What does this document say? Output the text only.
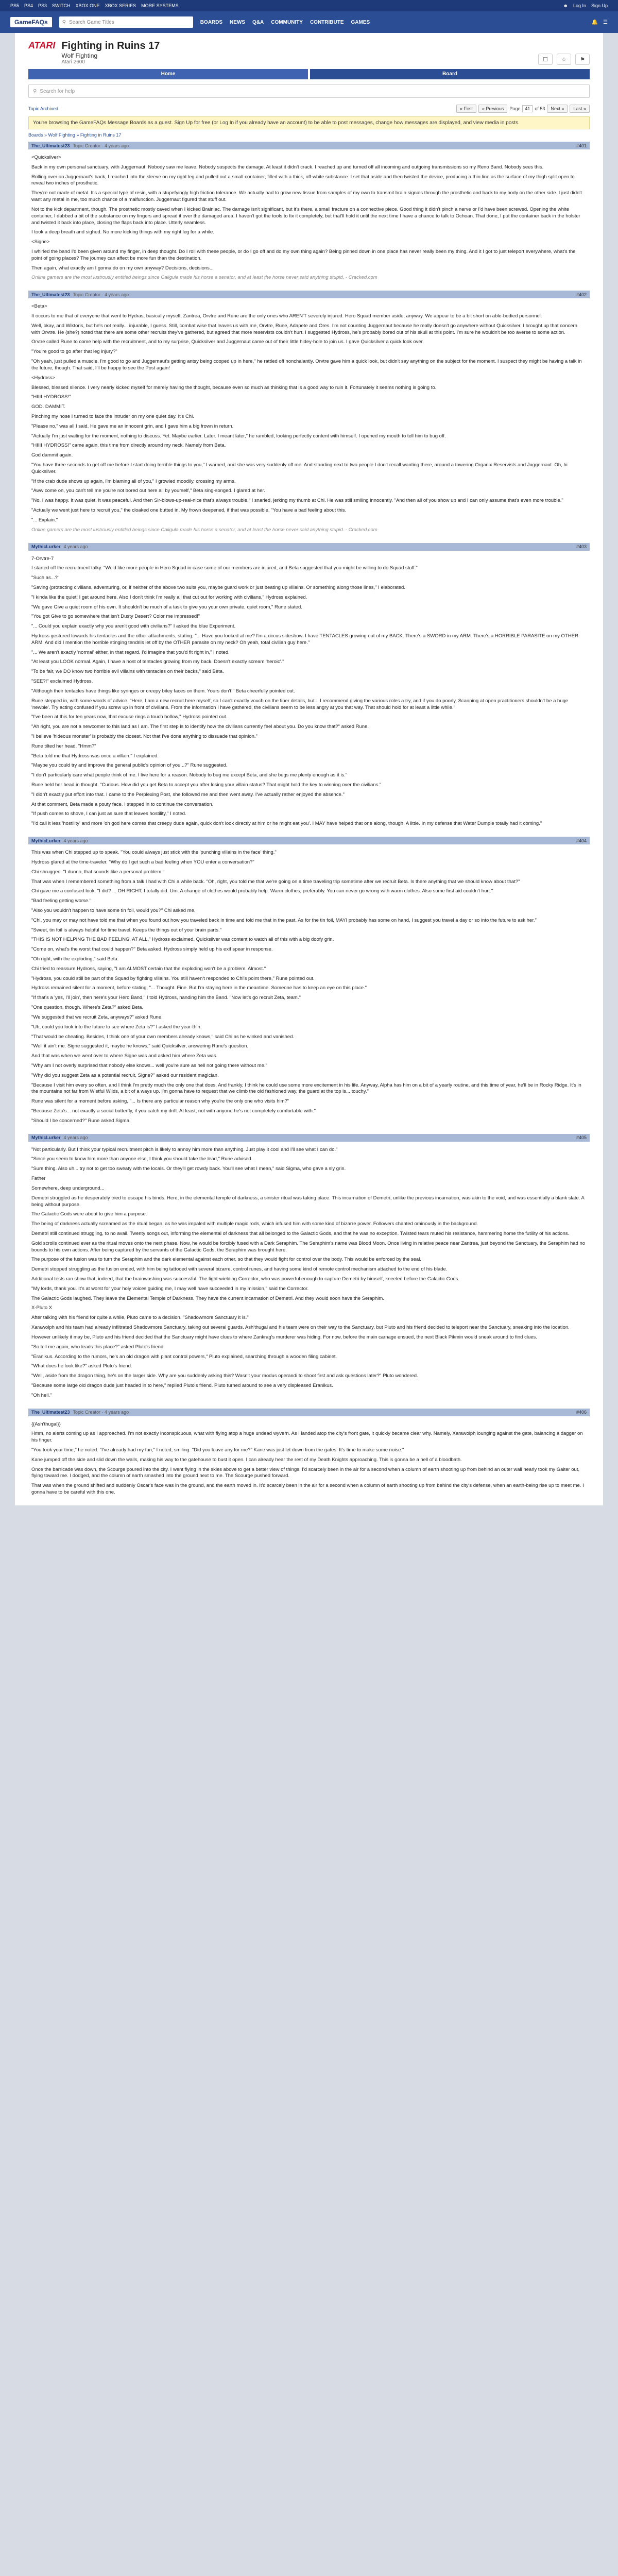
PS5 PS4 PS3 SWITCH XBOX ONE XBOX SERIES MORE SYSTEMS	☻ Log In Sign Up
GameFAQs	⚲ Search Game Titles	BOARDS NEWS Q&A COMMUNITY CONTRIBUTE GAMES	🔔 ☰
ATARI Fighting in Ruins 17
Wolf Fighting
Atari 2600	☐	☆	⚑
Home	Board
⚲ Search for help
Topic Archived	« First	« Previous	Page	41	of 53	Next »	Last »
You're browsing the GameFAQs Message Boards as a guest. Sign Up for free (or Log In if you already have an account) to be able to post messages, change how messages are displayed, and view media in posts.
Boards » Wolf Fighting » Fighting in Ruins 17
The_Ultimatest23 Topic Creator · 4 years ago	#401

<Quicksilver>

Back in my own personal sanctuary, with Juggernaut. Nobody saw me leave. Nobody suspects the damage. At least it didn't crack. I reached up and turned off all incoming and outgoing transmissions so my Reno Band. Nobody sees this.

Rolling over on Juggernaut's back, I reached into the sleeve on my right leg and pulled out a small container, filled with a thick, off-white substance. I set that aside and then twisted the device, producing a thin line as the surface of my thigh split open to reveal two inches of prosthetic.

They're not made of metal. It's a special type of resin, with a stupefyingly high friction tolerance. We actually had to grow new tissue from samples of my own to transmit brain signals through the prosthetic and back to my body on the other side. I just didn't want any metal in me, too much chance of a malfunction. Juggernaut figured that stuff out.

Not to the kick department, though. The prosthetic mostly caved when I kicked Brainiac. The damage isn't significant, but it's there, a small fracture on a connective piece. Good thing it didn't pinch a nerve or I'd have been screwed. Opening the white container, I dabbed a bit of the substance on my fingers and spread it over the damaged area. I haven't got the tools to fix it completely, but that'll hold it until the next time I have a chance to talk to Ochoan. That done, I put the container back in the holster and twisted it back into place, closing the flaps back into place. Utterly seamless.

I took a deep breath and sighed. No more kicking things with my right leg for a while.

<Signe>

I whirled the band I'd been given around my finger, in deep thought. Do I roll with these people, or do I go off and do my own thing again? Being pinned down in one place has never really been my thing. And it I got to just teleport everywhere, what's the point of going places? The journey can affect be more fun than the destination.

Then again, what exactly am I gonna do on my own anyway? Decisions, decisions...

Online gamers are the most lustrously entitled beings since Caligula made his horse a senator, and at least the horse never said anything stupid. - Cracked.com

The_Ultimatest23 Topic Creator · 4 years ago	#402

<Beta>

It occurs to me that of everyone that went to Hydras, basically myself, Zantrea, Orvtre and Rune are the only ones who AREN'T severely injured. Hero Squad member aside, anyway. We appear to be a bit short on able-bodied personnel.

Well, okay, and Wiktoris, but he's not really... injurable, I guess. Still, combat wise that leaves us with me, Orvtre, Rune, Adapete and Ores. I'm not counting Juggernaut because he really doesn't go anywhere without Quicksilver. I brought up that concern with Orvtre. He (she?) noted that there are some other recruits they've gathered, but agreed that more reservists couldn't hurt. I suggested Hydross, he's probably bored out of his skull at this point. I'm sure he wouldn't be too averse to some action.

Orvtre called Rune to come help with the recruitment, and to my surprise, Quicksilver and Juggernaut came out of their little hidey-hole to join us. I gave Quicksilver a quick look over.

"You're good to go after that leg injury?"

"Oh yeah, just pulled a muscle. I'm good to go and Juggernaut's getting antsy being cooped up in here," he rattled off nonchalantly. Orvtre gave him a quick look, but didn't say anything on the subject for the moment. I suspect they might be having a talk in the future, though. That said, I'll be happy to see the Post again!

<Hydross>

Blessed, blessed silence. I very nearly kicked myself for merely having the thought, because even so much as thinking that is a good way to ruin it. Fortunately it seems nothing is going to.

"HIIII HYDROSS!"

GOD. DAMMIT.

Pinching my nose I turned to face the intruder on my one quiet day. It's Chi.

"Please no," was all I said. He gave me an innocent grin, and I gave him a big frown in return.

"Actually I'm just waiting for the moment, nothing to discuss. Yet. Maybe earlier. Later. I meant later," he rambled, looking perfectly content with himself. I opened my mouth to tell him to bug off.

"HIIII HYDROSS!" came again, this time from directly around my neck. Namely from Beta.

God dammit again.

"You have three seconds to get off me before I start doing terrible things to you," I warned, and she was very suddenly off me. And standing next to two people I don't recall wanting there, around a towering Organix Reservists and Juggernaut. Oh, hi Quicksilver.

"If the crab dude shows up again, I'm blaming all of you," I growled moodily, crossing my arms.

"Aww come on, you can't tell me you're not bored out here all by yourself," Beta sing-songed. I glared at her.

"No. I was happy. It was quiet. It was peaceful. And then Sir-blows-up-real-nice that's always trouble," I snarled, jerking my thumb at Chi. He was still smiling innocently. "And then all of you show up and I can only assume that's even more trouble."

"Actually we went just here to recruit you," the cloaked one butted in. My frown deepened, if that was possible. "You have a bad feeling about this.

"... Explain."

Online gamers are the most lustrously entitled beings since Caligula made his horse a senator, and at least the horse never said anything stupid. - Cracked.com

MythicLurker 4 years ago	#403

7-Orvtre-7

I started off the recruitment talky. "We'd like more people in Hero Squad in case some of our members are injured, and Beta suggested that you might be willing to do Squad stuff."

"Such as...?"

"Saving (protecting civilians, adventuring, or, if neither of the above two suits you, maybe guard work or just beating up villains. Or something along those lines," I elaborated.

"I kinda like the quiet! I get around here. Also I don't think I'm really all that cut out for working with civilians," Hydross explained.

"We gave Give a quiet room of his own. It shouldn't be much of a task to give you your own private, quiet room," Rune stated.

"You got Give to go somewhere that isn't Dusty Desert? Color me impressed!"

"... Could you explain exactly why you aren't good with civilians?" I asked the blue Experiment.

Hydross gestured towards his tentacles and the other attachments, stating, "... Have you looked at me? I'm a circus sideshow. I have TENTACLES growing out of my BACK. There's a SWORD in my ARM. There's a HORRIBLE PARASITE on my OTHER ARM. And did I mention the horrible stinging tendrils let off by the OTHER parasite on my neck? Oh yeah, total civilian guy here."

"... We aren't exactly 'normal' either, in that regard. I'd imagine that you'd fit right in," I noted.

"At least you LOOK normal. Again, I have a host of tentacles growing from my back. Doesn't exactly scream 'heroic'."

"To be fair, we DO know two horrible evil villains with tentacles on their backs," said Beta.

"SEE?!" exclaimed Hydross.

"Although their tentacles have things like syringes or creepy bitey faces on them. Yours don't!" Beta cheerfully pointed out.

Rune stepped in, with some words of advice. "Here, I am a new recruit here myself, so I can't exactly vouch on the finer details, but... I recommend giving the various roles a try, and if you do poorly, Scanning at open practitioners shouldn't be a huge 'newbie'. Try acting confused if you screw up in front of civilians. From the information I have gathered, the civilians seem to be less angry at you that way. That should hold for at least a little while."

"I've been at this for ten years now, that excuse rings a touch hollow," Hydross pointed out.

"Ah right, you are not a newcomer to this land as I am. The first step is to identify how the civilians currently feel about you. Do you know that?" asked Rune.

"I believe 'hideous monster' is probably the closest. Not that I've done anything to dissuade that opinion."

Rune tilted her head. "Hmm?"

"Beta told me that Hydross was once a villain." I explained.

"Maybe you could try and improve the general public's opinion of you...?" Rune suggested.

"I don't particularly care what people think of me. I live here for a reason. Nobody to bug me except Beta, and she bugs me plenty enough as it is."

Rune held her bead in thought. "Curious. How did you get Beta to accept you after losing your villain status? That might hold the key to winning over the civilians."

"I didn't exactly put effort into that. I came to the Perplexing Post, she followed me and then went away. I've actually rather enjoyed the absence."

At that comment, Beta made a pouty face. I stepped in to continue the conversation.

"If push comes to shove, I can just as sure that leaves hostility," I noted.

"I'd call it less 'hostility' and more 'oh god here comes that creepy dude again, quick don't look directly at him or he might eat you'. I MAY have helped that one along, though. A little. In my defense that Water Dumple totally had it coming."

MythicLurker 4 years ago	#404

This was when Chi stepped up to speak. "You could always just stick with the 'punching villains in the face' thing."

Hydross glared at the time-traveler. "Why do I get such a bad feeling when YOU enter a conversation?"

Chi shrugged. "I dunno, that sounds like a personal problem."

That was when I remembered something from a talk I had with Chi a while back. "Oh, right, you told me that we're going on a time traveling trip sometime after we recruit Beta. Is there anything that we should know about that?"

Chi gave me a confused look. "I did? ... OH RIGHT, I totally did. Um. A change of clothes would probably help. Warm clothes, preferably. You can never go wrong with warm clothes. Also some first aid couldn't hurt."

"Bad feeling getting worse."

"Also you wouldn't happen to have some tin foil, would you?" Chi asked me.

"Chi, you may or may not have told me that when you found out how you traveled back in time and told me that in the past. As for the tin foil, MAYI probably has some on hand, I suggest you travel a day or so into the future to ask her."

"Sweet, tin foil is always helpful for time travel. Keeps the things out of your brain parts."

"THIS IS NOT HELPING THE BAD FEELING. AT ALL," Hydross exclaimed. Quicksilver was content to watch all of this with a big doofy grin.

"Come on, what's the worst that could happen?" Beta asked. Hydross simply held up his exif spear in response.

"Oh right, with the exploding," said Beta.

Chi tried to reassure Hydross, saying, "I am ALMOST certain that the exploding won't be a problem. Almost."

"Hydross, you could still be part of the Squad by fighting villains. You still haven't responded to Chi's point there," Rune pointed out.

Hydross remained silent for a moment, before stating, "... Thought. Fine. But I'm staying here in the meantime. Someone has to keep an eye on this place."

"If that's a 'yes, I'll join', then here's your Hero Band," I told Hydross, handing him the Band. "Now let's go recruit Zeta, team."

"One question, though. Where's Zeta?" asked Beta.

"We suggested that we recruit Zeta, anyways?" asked Rune.

"Uh, could you look into the future to see where Zeta is?" I asked the year-thin.

"That would be cheating. Besides, I think one of your own members already knows," said Chi as he winked and vanished.

"Well it ain't me. Signe suggested it, maybe he knows," said Quicksilver, answering Rune's question.

And that was when we went over to where Signe was and asked him where Zeta was.

"Why am I not overly surprised that nobody else knows... well you're sure as hell not going there without me."

"Why did you suggest Zeta as a potential recruit, Signe?" asked our resident magician.

"Because I visit him every so often, and I think I'm pretty much the only one that does. And frankly, I think he could use some more excitement in his life. Anyway, Alpha has him on a bit of a yearly routine, and this time of year, he'll be in Rocky Ridge. It's in the mountains not far from Wistful Wilds, a bit of a ways up. I'm gonna have to request that we climb the old fashioned way, the guard at the top is... touchy."

Rune was silent for a moment before asking, "... Is there any particular reason why you're the only one who visits him?"

"Because Zeta's... not exactly a social butterfly, if you catch my drift. At least, not with anyone he's not completely comfortable with."

"Should I be concerned?" Rune asked Sigma.

MythicLurker 4 years ago	#405

"Not particularly. But I think your typical recruitment pitch is likely to annoy him more than anything. Just play it cool and I'll see what I can do."

"Since you seem to know him more than anyone else, I think you should take the lead," Rune advised.

"Sure thing. Also uh... try not to get too sweaty with the locals. Or they'll get rowdy back. You'll see what I mean," said Sigma, who gave a sly grin.

Father

Somewhere, deep underground...

Demetri struggled as he desperately tried to escape his binds. Here, in the elemental temple of darkness, a sinister ritual was taking place. This incarnation of Demetri, unlike the previous incarnation, was akin to the void, and was essentially a blank slate. A being without purpose.

The Galactic Gods were about to give him a purpose.

The being of darkness actually screamed as the ritual began, as he was impaled with multiple magic rods, which infused him with some kind of bizarre power. Followers chanted ominously in the background.

Demetri still continued struggling, to no avail. Twenty songs out, informing the elemental of darkness that all belonged to the Galactic Gods, and that he was no exception. Twisted tears muted his resistance, hammering home the futility of his actions.

Gold scrolls continued ever as the ritual moves onto the next phase. Now, he would be forcibly fused with a Dark Seraphim. The Seraphim's name was Blood Moon. Once living in relative peace near Zantrea, just beyond the Sanctuary, the Seraphim had no bounds to his own actions. After being captured by the servants of the Galactic Gods, the Seraphim was brought here.

The purpose of the fusion was to turn the Seraphim and the dark elemental against each other, so that they would fight for control over the body. This would be enforced by the seal.

Demetri stopped struggling as the fusion ended, with him being tattooed with several bizarre, control runes, and having some kind of remote control mechanism attached to the end of his blade.

Additional tests ran show that, indeed, that the brainwashing was successful. The light-wielding Corrector, who was powerful enough to capture Demetri by himself, kneeled before the Galactic Gods.

"My lords, thank you. It's at worst for your holy voices guiding me, I may well have succeeded in my mission," said the Corrector.

The Galactic Gods laughed. They leave the Elemental Temple of Darkness. They have the current incarnation of Demetri. And they would soon have the Seraphim.

X-Pluto X

After talking with his friend for quite a while, Pluto came to a decision. "Shadowmore Sanctuary it is."

Xarawolph and his team had already infiltrated Shadowmore Sanctuary, taking out several guards. Ash'thugal and his team were on their way to the Sanctuary, but Pluto and his friend decided to teleport near the Sanctuary, sneaking into the location.

However unlikely it may be, Pluto and his friend decided that the Sanctuary might have clues to where Zankrag's murderer was hiding. For now, before the main carnage ensued, the next Black Pikmin would sneak around to find clues.

"So tell me again, who leads this place?" asked Pluto's friend.

"Eranikus. According to the rumors, he's an old dragon with plant control powers," Pluto explained, searching through a wooden filing cabinet.

"What does he look like?" asked Pluto's friend.

"Well, aside from the dragon thing, he's on the larger side. Why are you suddenly asking this? Wasn't your modus operandi to shoot first and ask questions later?" Pluto wondered.

"Because some large old dragon dude just headed in to here," replied Pluto's friend. Pluto turned around to see a very displeased Eranikus.

"Oh hell."

The_Ultimatest23 Topic Creator · 4 years ago	#406

{{Ash'thugal}}

Hmm, no alerts coming up as I approached. I'm not exactly inconspicuous, what with flying atop a huge undead wyvern. As I landed atop the city's front gate, it quickly became clear why. Namely, Xarawolph lounging against the gate, balancing a dagger on his finger.

"You took your time," he noted. "I've already had my fun," I noted, smiling. "Did you leave any for me?" Kane was just let down from the gates. It's time to make some noise."

Kane jumped off the side and slid down the walls, making his way to the gatehouse to bust it open. I can already hear the rest of my Death Knights approaching. This is gonna be a hell of a bloodbath.

Once the barricade was down, the Scourge poured into the city. I went flying in the skies above to get a better view of things. I'd scarcely been in the air for a second when a column of earth shooting up from behind an outer wall nearly took my Gaiter out, flying toward me. I dodged, and the column of earth smashed into the ground next to me. The Scourge pushed forward.

That was when the ground shifted and suddenly Oscar's face was in the ground, and the earth moved in. It'd scarcely been in the air for a second when a column of earth shooting up from behind the city's defense, when an earth-being rise up to meet me. I gonna have to be careful with this one.
